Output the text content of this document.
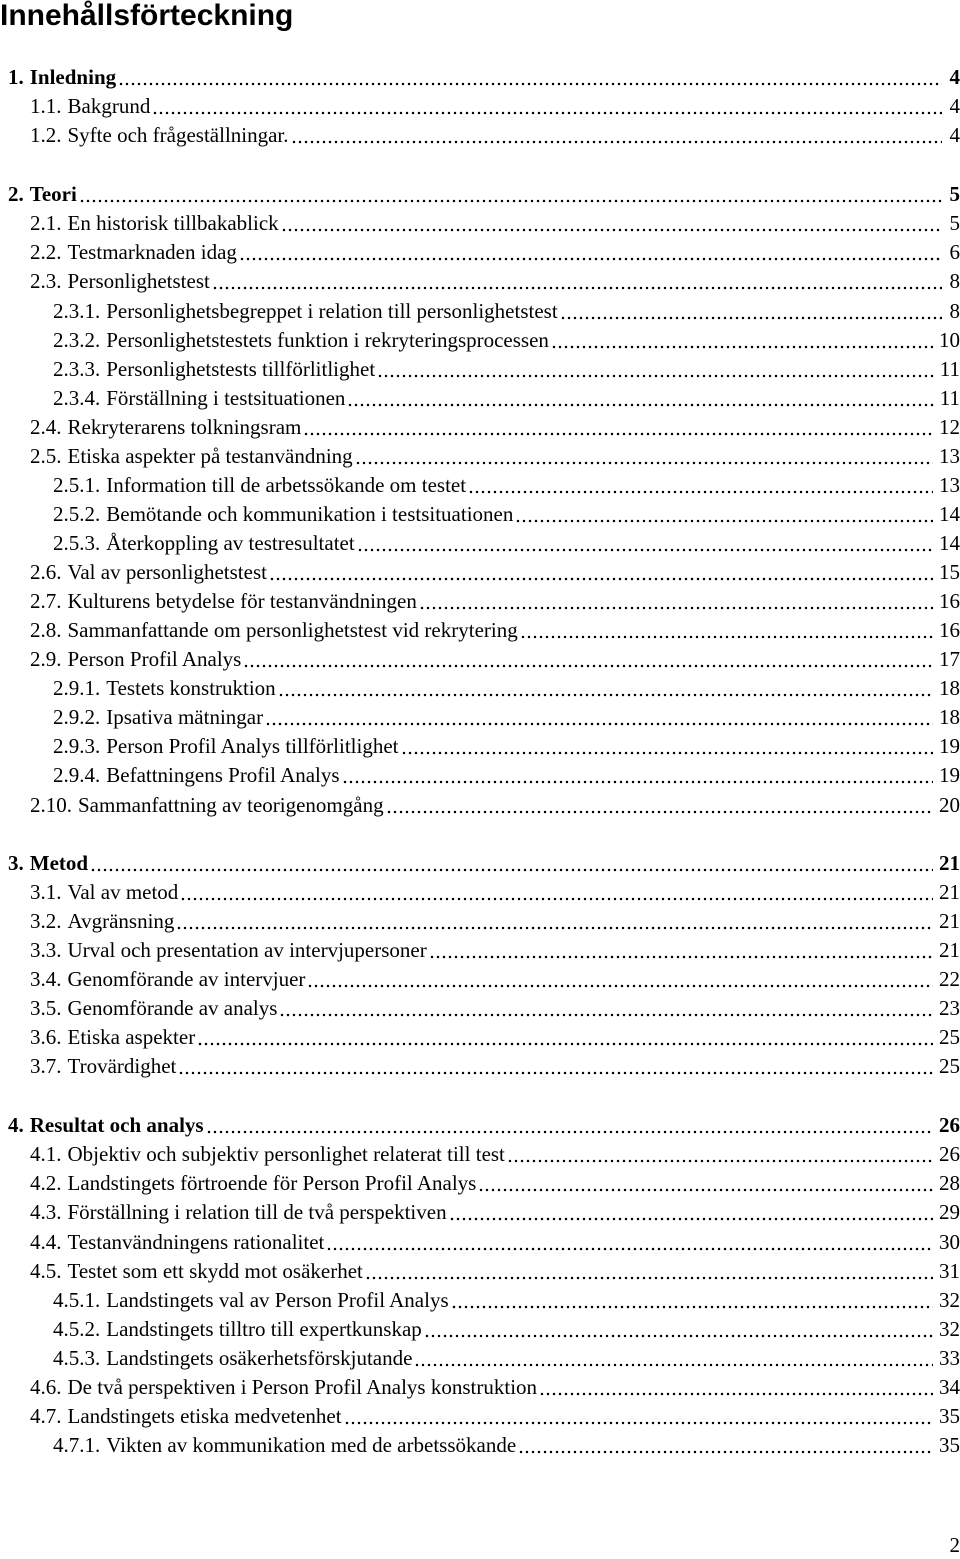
Innehållsförteckning
1. Inledning	4
1.1. Bakgrund	4
1.2. Syfte och frågeställningar.	4
2. Teori	5
2.1. En historisk tillbakablick	5
2.2. Testmarknaden idag	6
2.3. Personlighetstest	8
2.3.1. Personlighetsbegreppet i relation till personlighetstest	8
2.3.2. Personlighetstestets funktion i rekryteringsprocessen	10
2.3.3. Personlighetstests tillförlitlighet	11
2.3.4. Förställning i testsituationen	11
2.4. Rekryterarens tolkningsram	12
2.5. Etiska aspekter på testanvändning	13
2.5.1. Information till de arbetssökande om testet	13
2.5.2. Bemötande och kommunikation i testsituationen	14
2.5.3. Återkoppling av testresultatet	14
2.6. Val av personlighetstest	15
2.7. Kulturens betydelse för testanvändningen	16
2.8. Sammanfattande om personlighetstest vid rekrytering	16
2.9. Person Profil Analys	17
2.9.1. Testets konstruktion	18
2.9.2. Ipsativa mätningar	18
2.9.3. Person Profil Analys tillförlitlighet	19
2.9.4. Befattningens Profil Analys	19
2.10. Sammanfattning av teorigenomgång	20
3. Metod	21
3.1. Val av metod	21
3.2. Avgränsning	21
3.3. Urval och presentation av intervjupersoner	21
3.4. Genomförande av intervjuer	22
3.5. Genomförande av analys	23
3.6. Etiska aspekter	25
3.7. Trovärdighet	25
4. Resultat och analys	26
4.1. Objektiv och subjektiv personlighet relaterat till test	26
4.2. Landstingets förtroende för Person Profil Analys	28
4.3. Förställning i relation till de två perspektiven	29
4.4. Testanvändningens rationalitet	30
4.5. Testet som ett skydd mot osäkerhet	31
4.5.1. Landstingets val av Person Profil Analys	32
4.5.2. Landstingets tilltro till expertkunskap	32
4.5.3. Landstingets osäkerhetsförskjutande	33
4.6. De två perspektiven i Person Profil Analys konstruktion	34
4.7. Landstingets etiska medvetenhet	35
4.7.1. Vikten av kommunikation med de arbetssökande	35
2
